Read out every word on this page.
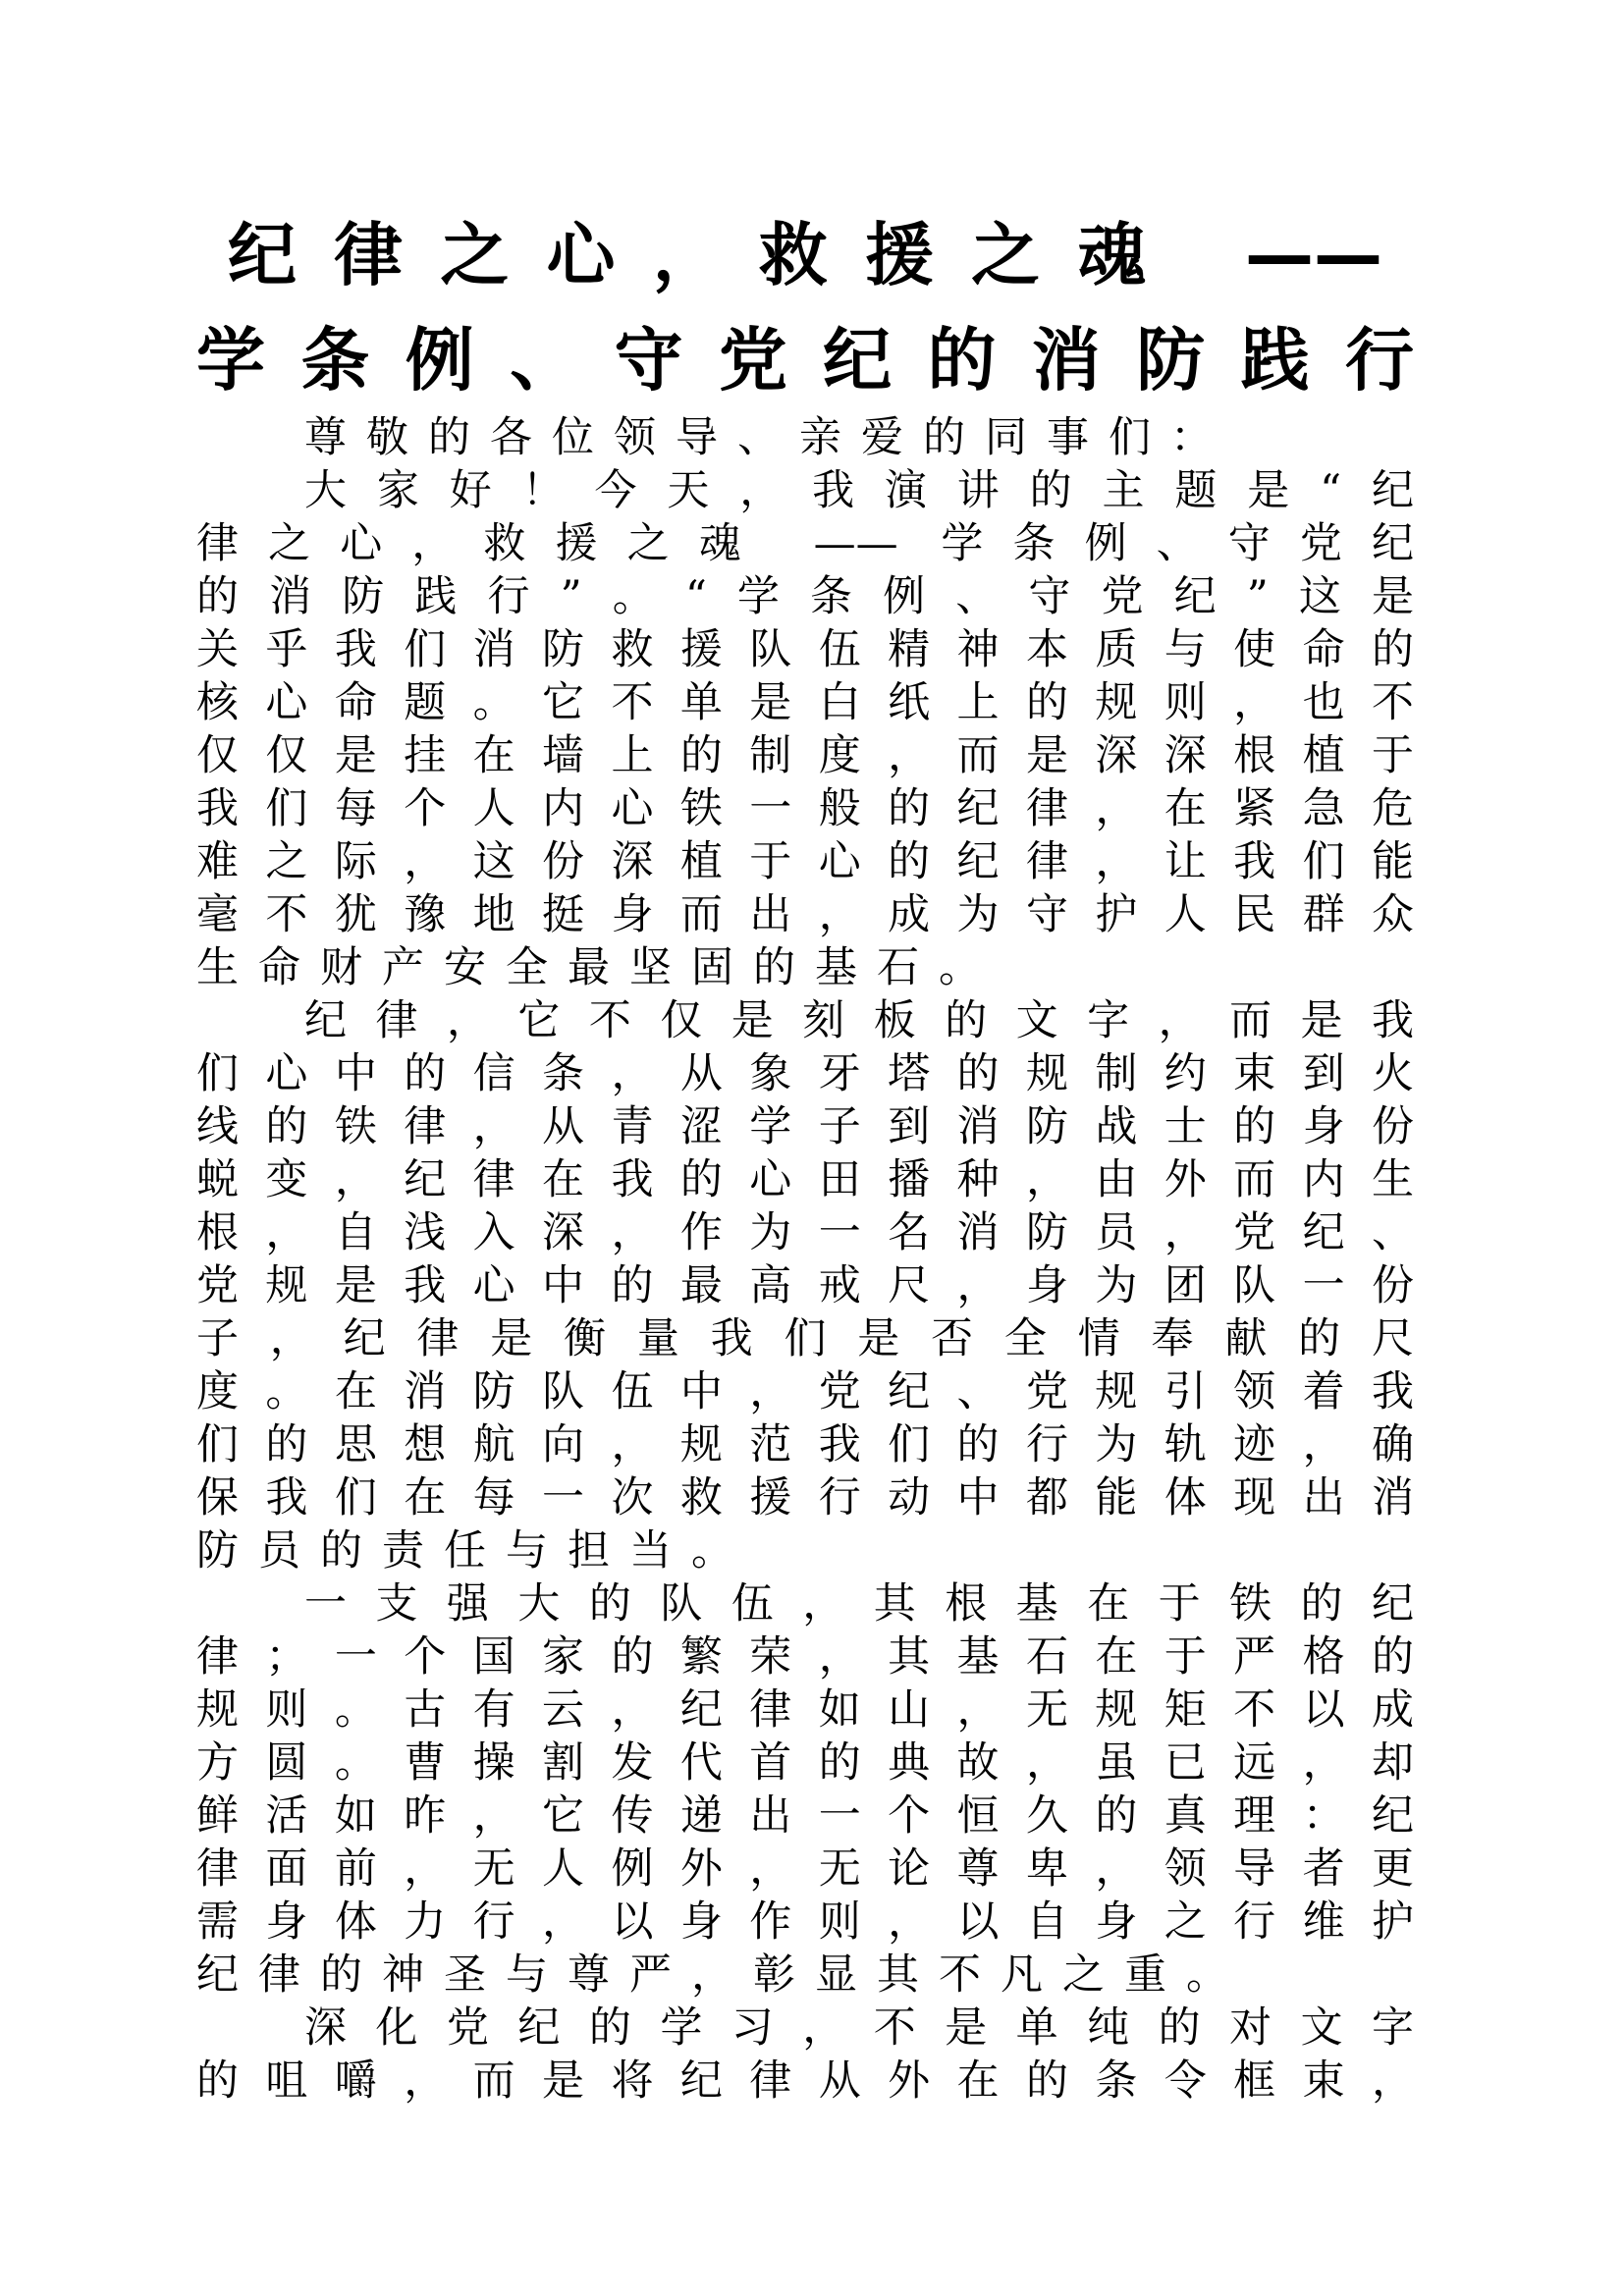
纪律之心，救援之魂 ——
学条例、守党纪的消防践行
尊敬的各位领导、亲爱的同事们：
大家好！今天，我演讲的主题是“纪
律之心，救援之魂 —— 学条例、守党纪
的消防践行”。“学条例、守党纪”这是
关乎我们消防救援队伍精神本质与使命的
核心命题。它不单是白纸上的规则，也不
仅仅是挂在墙上的制度，而是深深根植于
我们每个人内心铁一般的纪律，在紧急危
难之际，这份深植于心的纪律，让我们能
毫不犹豫地挺身而出，成为守护人民群众
生命财产安全最坚固的基石。
纪律，它不仅是刻板的文字，而是我
们心中的信条，从象牙塔的规制约束到火
线的铁律，从青涩学子到消防战士的身份
蜕变，纪律在我的心田播种，由外而内生
根，自浅入深，作为一名消防员，党纪、
党规是我心中的最高戒尺，身为团队一份
子，纪律是衡量我们是否全情奉献的尺
度。在消防队伍中，党纪、党规引领着我
们的思想航向，规范我们的行为轨迹，确
保我们在每一次救援行动中都能体现出消
防员的责任与担当。
一支强大的队伍，其根基在于铁的纪
律；一个国家的繁荣，其基石在于严格的
规则。古有云，纪律如山，无规矩不以成
方圆。曹操割发代首的典故，虽已远，却
鲜活如昨，它传递出一个恒久的真理：纪
律面前，无人例外，无论尊卑，领导者更
需身体力行，以身作则，以自身之行维护
纪律的神圣与尊严，彰显其不凡之重。
深化党纪的学习，不是单纯的对文字
的咀嚼，而是将纪律从外在的条令框束，
